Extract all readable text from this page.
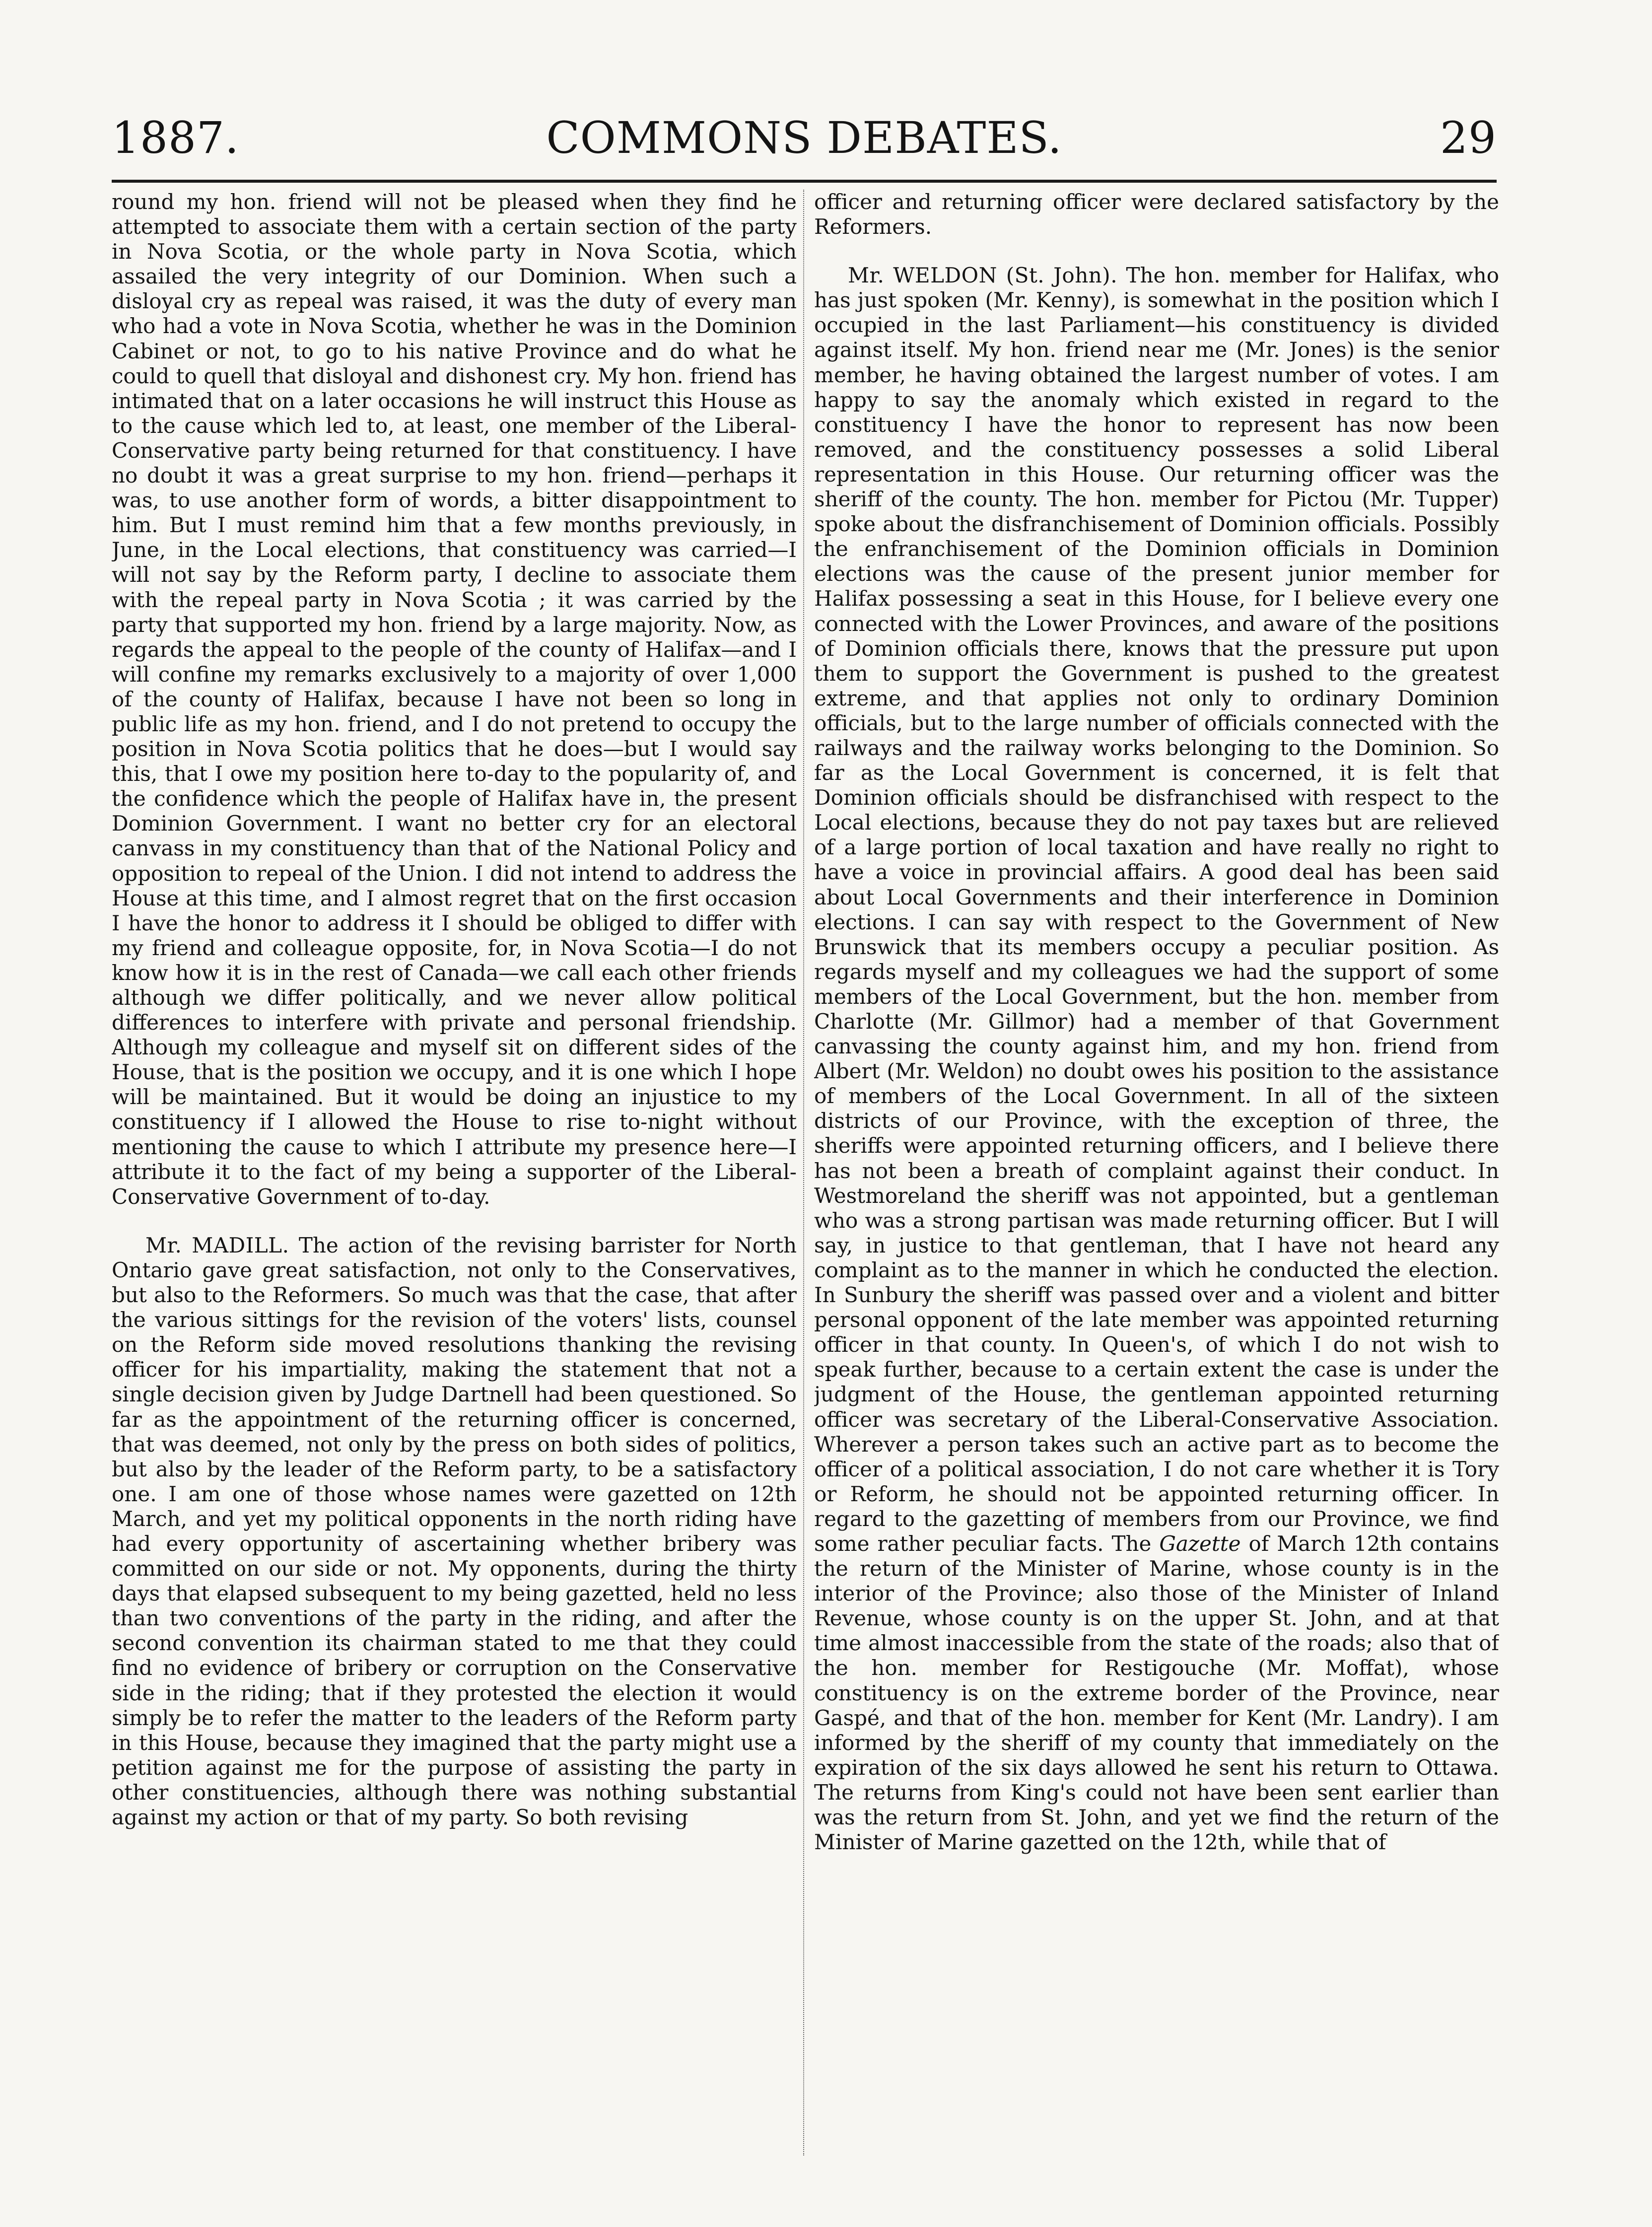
1887.	COMMONS DEBATES.	29

round my hon. friend will not be pleased when they find he attempted to associate them with a certain section of the party in Nova Scotia, or the whole party in Nova Scotia, which assailed the very integrity of our Dominion. When such a disloyal cry as repeal was raised, it was the duty of every man who had a vote in Nova Scotia, whether he was in the Dominion Cabinet or not, to go to his native Province and do what he could to quell that disloyal and dishonest cry. My hon. friend has intimated that on a later occasions he will instruct this House as to the cause which led to, at least, one member of the Liberal-Conservative party being returned for that constituency. I have no doubt it was a great surprise to my hon. friend—perhaps it was, to use another form of words, a bitter disappointment to him. But I must remind him that a few months previously, in June, in the Local elections, that constituency was carried—I will not say by the Reform party, I decline to associate them with the repeal party in Nova Scotia ; it was carried by the party that supported my hon. friend by a large majority. Now, as regards the appeal to the people of the county of Halifax—and I will confine my remarks exclusively to a majority of over 1,000 of the county of Halifax, because I have not been so long in public life as my hon. friend, and I do not pretend to occupy the position in Nova Scotia politics that he does—but I would say this, that I owe my position here to-day to the popularity of, and the confidence which the people of Halifax have in, the present Dominion Government. I want no better cry for an electoral canvass in my constituency than that of the National Policy and opposition to repeal of the Union. I did not intend to address the House at this time, and I almost regret that on the first occasion I have the honor to address it I should be obliged to differ with my friend and colleague opposite, for, in Nova Scotia—I do not know how it is in the rest of Canada—we call each other friends although we differ politically, and we never allow political differences to interfere with private and personal friendship. Although my colleague and myself sit on different sides of the House, that is the position we occupy, and it is one which I hope will be maintained. But it would be doing an injustice to my constituency if I allowed the House to rise to-night without mentioning the cause to which I attribute my presence here—I attribute it to the fact of my being a supporter of the Liberal-Conservative Government of to-day.

Mr. MADILL. The action of the revising barrister for North Ontario gave great satisfaction, not only to the Conservatives, but also to the Reformers. So much was that the case, that after the various sittings for the revision of the voters' lists, counsel on the Reform side moved resolutions thanking the revising officer for his impartiality, making the statement that not a single decision given by Judge Dartnell had been questioned. So far as the appointment of the returning officer is concerned, that was deemed, not only by the press on both sides of politics, but also by the leader of the Reform party, to be a satisfactory one. I am one of those whose names were gazetted on 12th March, and yet my political opponents in the north riding have had every opportunity of ascertaining whether bribery was committed on our side or not. My opponents, during the thirty days that elapsed subsequent to my being gazetted, held no less than two conventions of the party in the riding, and after the second convention its chairman stated to me that they could find no evidence of bribery or corruption on the Conservative side in the riding; that if they protested the election it would simply be to refer the matter to the leaders of the Reform party in this House, because they imagined that the party might use a petition against me for the purpose of assisting the party in other constituencies, although there was nothing substantial against my action or that of my party. So both revising

officer and returning officer were declared satisfactory by the Reformers.

Mr. WELDON (St. John). The hon. member for Halifax, who has just spoken (Mr. Kenny), is somewhat in the position which I occupied in the last Parliament—his constituency is divided against itself. My hon. friend near me (Mr. Jones) is the senior member, he having obtained the largest number of votes. I am happy to say the anomaly which existed in regard to the constituency I have the honor to represent has now been removed, and the constituency possesses a solid Liberal representation in this House. Our returning officer was the sheriff of the county. The hon. member for Pictou (Mr. Tupper) spoke about the disfranchisement of Dominion officials. Possibly the enfranchisement of the Dominion officials in Dominion elections was the cause of the present junior member for Halifax possessing a seat in this House, for I believe every one connected with the Lower Provinces, and aware of the positions of Dominion officials there, knows that the pressure put upon them to support the Government is pushed to the greatest extreme, and that applies not only to ordinary Dominion officials, but to the large number of officials connected with the railways and the railway works belonging to the Dominion. So far as the Local Government is concerned, it is felt that Dominion officials should be disfranchised with respect to the Local elections, because they do not pay taxes but are relieved of a large portion of local taxation and have really no right to have a voice in provincial affairs. A good deal has been said about Local Governments and their interference in Dominion elections. I can say with respect to the Government of New Brunswick that its members occupy a peculiar position. As regards myself and my colleagues we had the support of some members of the Local Government, but the hon. member from Charlotte (Mr. Gillmor) had a member of that Government canvassing the county against him, and my hon. friend from Albert (Mr. Weldon) no doubt owes his position to the assistance of members of the Local Government. In all of the sixteen districts of our Province, with the exception of three, the sheriffs were appointed returning officers, and I believe there has not been a breath of complaint against their conduct. In Westmoreland the sheriff was not appointed, but a gentleman who was a strong partisan was made returning officer. But I will say, in justice to that gentleman, that I have not heard any complaint as to the manner in which he conducted the election. In Sunbury the sheriff was passed over and a violent and bitter personal opponent of the late member was appointed returning officer in that county. In Queen's, of which I do not wish to speak further, because to a certain extent the case is under the judgment of the House, the gentleman appointed returning officer was secretary of the Liberal-Conservative Association. Wherever a person takes such an active part as to become the officer of a political association, I do not care whether it is Tory or Reform, he should not be appointed returning officer. In regard to the gazetting of members from our Province, we find some rather peculiar facts. The Gazette of March 12th contains the return of the Minister of Marine, whose county is in the interior of the Province; also those of the Minister of Inland Revenue, whose county is on the upper St. John, and at that time almost inaccessible from the state of the roads; also that of the hon. member for Restigouche (Mr. Moffat), whose constituency is on the extreme border of the Province, near Gaspé, and that of the hon. member for Kent (Mr. Landry). I am informed by the sheriff of my county that immediately on the expiration of the six days allowed he sent his return to Ottawa. The returns from King's could not have been sent earlier than was the return from St. John, and yet we find the return of the Minister of Marine gazetted on the 12th, while that of
